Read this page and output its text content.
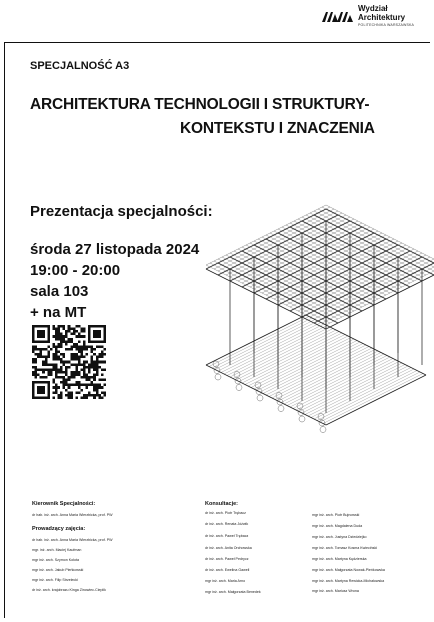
Wydział
Architektury
POLITECHNIKA WARSZAWSKA
SPECJALNOŚĆ A3
ARCHITEKTURA TECHNOLOGII I STRUKTURY-
KONTEKSTU I ZNACZENIA
Prezentacja specjalności:
środa 27 listopada 2024
19:00 - 20:00
sala 103
+ na MT
Kierownik Specjalności:
dr hab. inż. arch. Anna Maria Wierzbicka, prof. PW
Prowadzący zajęcia:
dr hab. inż. arch. Anna Maria Wierzbicka, prof. PW
mgr. inż. arch. Maciej Kaufman
mgr inż. arch. Szymon Kołota
mgr inż. arch. Jakub Pieńkowski
mgr inż. arch. Filip Strzelecki
dr inż. arch. krajobrazu Kinga Zinowiec-Cieplik
Konsultacje:
dr inż. arch. Piotr Trębacz
dr inż. arch. Renata Jóźwik
dr inż. arch. Paweł Trębacz
dr inż. arch. Anita Orchowska
dr inż. arch. Paweł Pedrycz
dr inż. arch. Ewelina Gawell
mgr inż. arch. Maria Arno
mgr inż. arch. Małgorzata Benedek
mgr inż. arch. Piotr Bujnowski
mgr inż. arch. Magdalena Duda
mgr inż. arch. Justyna Dziedziejko
mgr inż. arch. Tomasz Kosma Kwieciński
mgr inż. arch. Martyna Kędzierska
mgr inż. arch. Małgorzata Nowak-Pieńkowska
mgr inż. arch. Martyna Rewicka-Michałowska
mgr inż. arch. Mariusz Wrona
